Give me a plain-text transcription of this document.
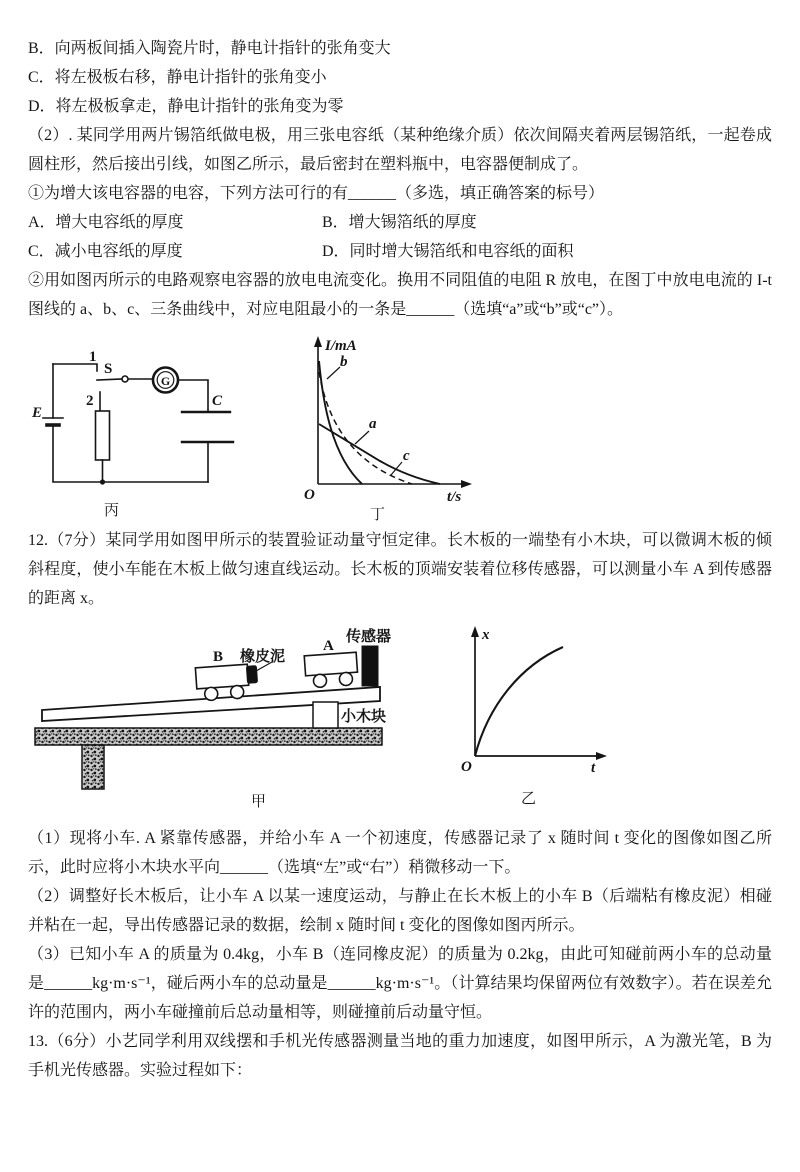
B．向两板间插入陶瓷片时，静电计指针的张角变大

C．将左极板右移，静电计指针的张角变小

D．将左极板拿走，静电计指针的张角变为零

（2）. 某同学用两片锡箔纸做电极，用三张电容纸（某种绝缘介质）依次间隔夹着两层锡箔纸，一起卷成圆柱形，然后接出引线，如图乙所示，最后密封在塑料瓶中，电容器便制成了。

①为增大该电容器的电容，下列方法可行的有______（多选，填正确答案的标号）

A．增大电容纸的厚度	B．增大锡箔纸的厚度
C．减小电容纸的厚度	D．同时增大锡箔纸和电容纸的面积

②用如图丙所示的电路观察电容器的放电电流变化。换用不同阻值的电阻 R 放电，在图丁中放电电流的 I-t 图线的 a、b、c、三条曲线中，对应电阻最小的一条是______（选填“a”或“b”或“c”）。

1
S
2
E
G
C
丙
I/mA
b
a
c
O	t/s
丁

12.（7分）某同学用如图甲所示的装置验证动量守恒定律。长木板的一端垫有小木块，可以微调木板的倾斜程度，使小车能在木板上做匀速直线运动。长木板的顶端安装着位移传感器，可以测量小车 A 到传感器的距离 x。

传感器
A
B 橡皮泥
小木块
甲
x
O	t
乙

（1）现将小车. A 紧靠传感器，并给小车 A 一个初速度，传感器记录了 x 随时间 t 变化的图像如图乙所示，此时应将小木块水平向______（选填“左”或“右”）稍微移动一下。

（2）调整好长木板后，让小车 A 以某一速度运动，与静止在长木板上的小车 B（后端粘有橡皮泥）相碰并粘在一起，导出传感器记录的数据，绘制 x 随时间 t 变化的图像如图丙所示。

（3）已知小车 A 的质量为 0.4kg，小车 B（连同橡皮泥）的质量为 0.2kg，由此可知碰前两小车的总动量是______kg·m·s⁻¹，碰后两小车的总动量是______kg·m·s⁻¹。（计算结果均保留两位有效数字）。若在误差允许的范围内，两小车碰撞前后总动量相等，则碰撞前后动量守恒。

13.（6分）小艺同学利用双线摆和手机光传感器测量当地的重力加速度，如图甲所示，A 为激光笔，B 为手机光传感器。实验过程如下：
